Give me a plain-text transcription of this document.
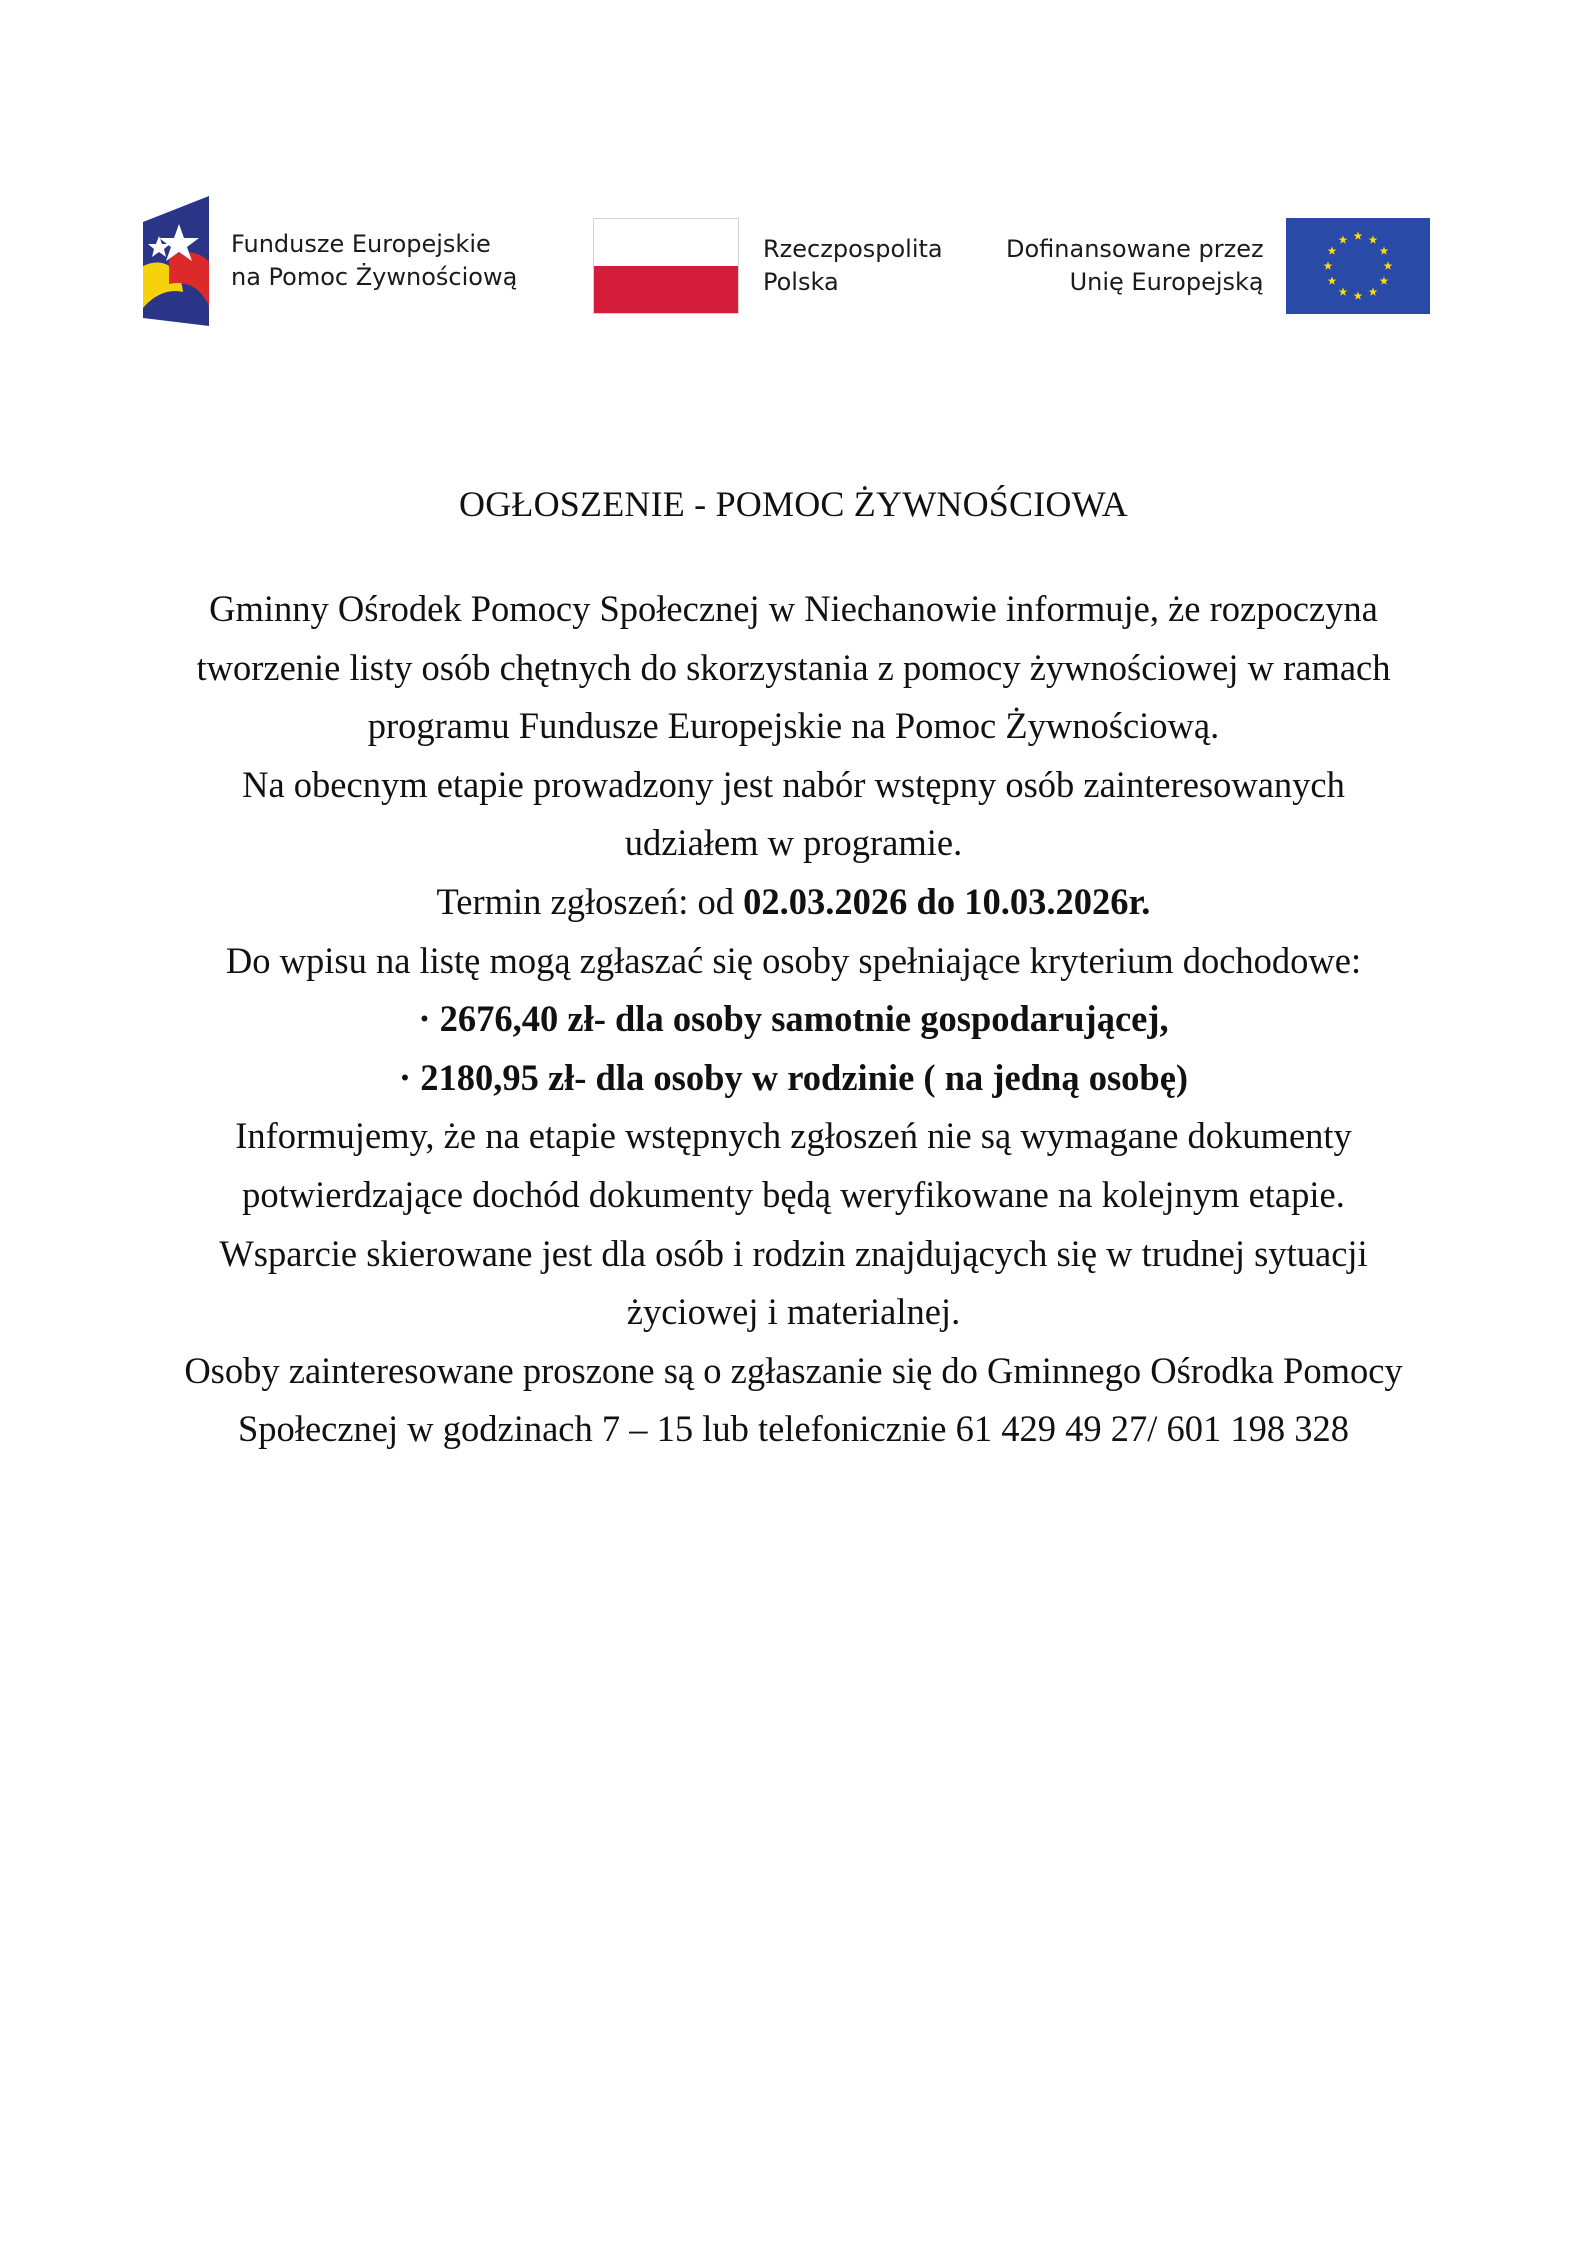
Fundusze Europejskie
na Pomoc Żywnościową
Rzeczpospolita
Polska
Dofinansowane przez
Unię Europejską
OGŁOSZENIE - POMOC ŻYWNOŚCIOWA

Gminny Ośrodek Pomocy Społecznej w Niechanowie informuje, że rozpoczyna
tworzenie listy osób chętnych do skorzystania z pomocy żywnościowej w ramach
programu Fundusze Europejskie na Pomoc Żywnościową.
Na obecnym etapie prowadzony jest nabór wstępny osób zainteresowanych
udziałem w programie.
Termin zgłoszeń: od 02.03.2026 do 10.03.2026r.
Do wpisu na listę mogą zgłaszać się osoby spełniające kryterium dochodowe:
· 2676,40 zł- dla osoby samotnie gospodarującej,
· 2180,95 zł- dla osoby w rodzinie ( na jedną osobę)
Informujemy, że na etapie wstępnych zgłoszeń nie są wymagane dokumenty
potwierdzające dochód dokumenty będą weryfikowane na kolejnym etapie.
Wsparcie skierowane jest dla osób i rodzin znajdujących się w trudnej sytuacji
życiowej i materialnej.
Osoby zainteresowane proszone są o zgłaszanie się do Gminnego Ośrodka Pomocy
Społecznej w godzinach 7 – 15 lub telefonicznie 61 429 49 27/ 601 198 328
